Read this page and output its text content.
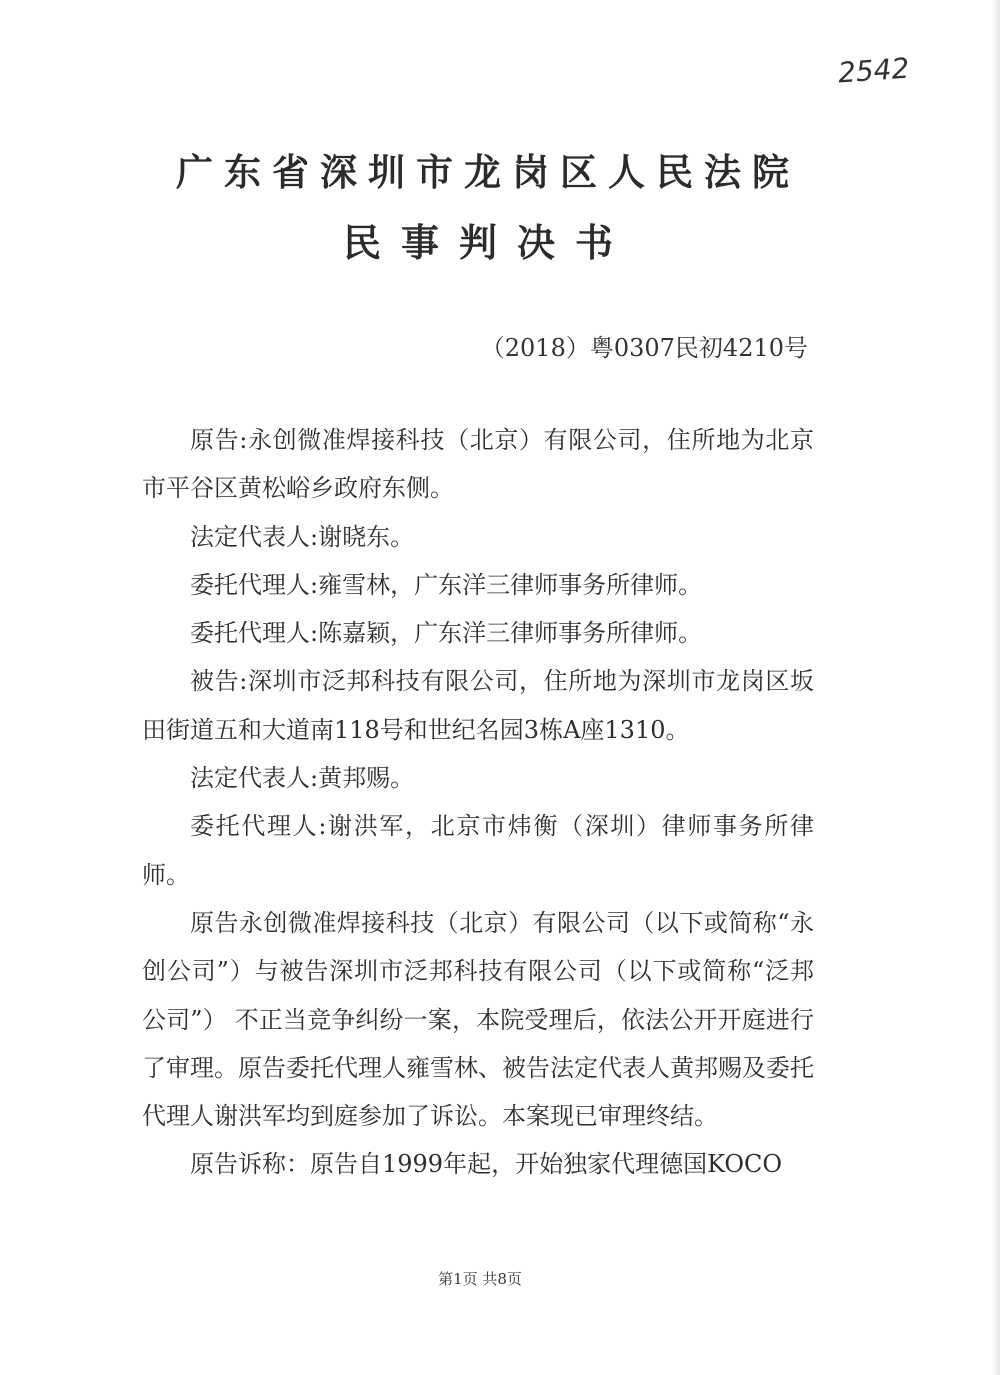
2542
广东省深圳市龙岗区人民法院
民事判决书
（2018）粤0307民初4210号

原告:永创微准焊接科技（北京）有限公司，住所地为北京市平谷区黄松峪乡政府东侧。

法定代表人:谢晓东。

委托代理人:雍雪林，广东洋三律师事务所律师。

委托代理人:陈嘉颖，广东洋三律师事务所律师。

被告:深圳市泛邦科技有限公司，住所地为深圳市龙岗区坂田街道五和大道南118号和世纪名园3栋A座1310。

法定代表人:黄邦赐。

委托代理人:谢洪军，北京市炜衡（深圳）律师事务所律师。

原告永创微准焊接科技（北京）有限公司（以下或简称“永创公司”）与被告深圳市泛邦科技有限公司（以下或简称“泛邦公司”） 不正当竞争纠纷一案，本院受理后，依法公开开庭进行了审理。原告委托代理人雍雪林、被告法定代表人黄邦赐及委托代理人谢洪军均到庭参加了诉讼。本案现已审理终结。

原告诉称：原告自1999年起，开始独家代理德国KOCO

第1页 共8页
